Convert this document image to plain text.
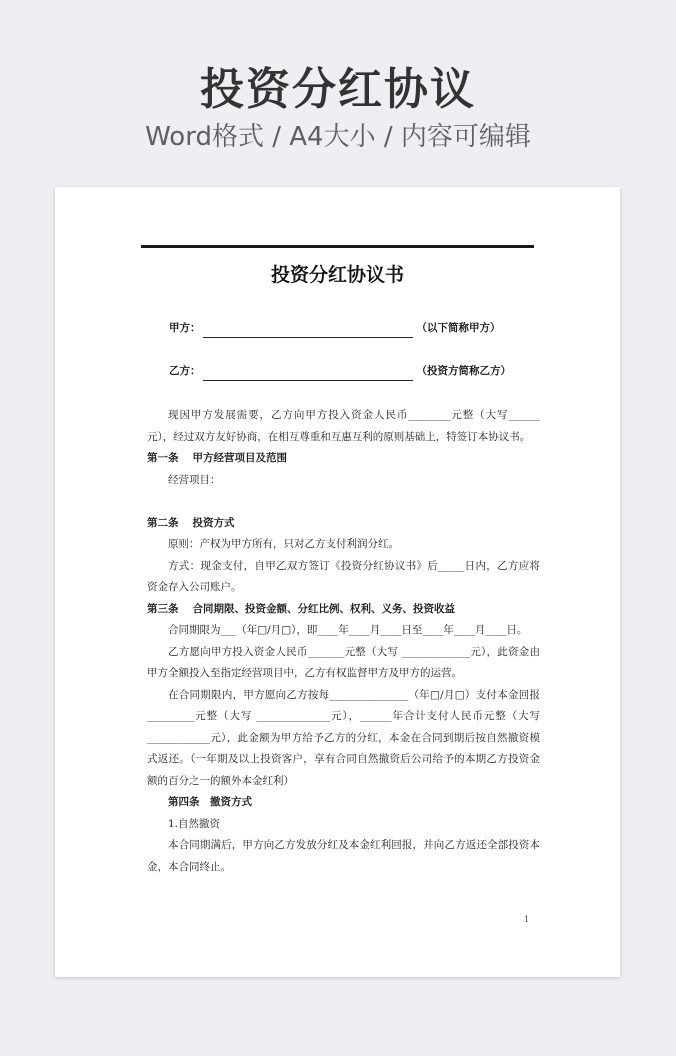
投资分红协议
Word格式 / A4大小 / 内容可编辑
投资分红协议书
甲方：	（以下简称甲方）
乙方：	（投资方简称乙方）

现因甲方发展需要，乙方向甲方投入资金人民币________元整（大写______元），经过双方友好协商，在相互尊重和互惠互利的原则基础上，特签订本协议书。

第一条 甲方经营项目及范围

经营项目：

第二条 投资方式

原则：产权为甲方所有，只对乙方支付利润分红。

方式：现金支付，自甲乙双方签订《投资分红协议书》后_____日内，乙方应将资金存入公司账户。

第三条 合同期限、投资金额、分红比例、权利、义务、投资收益

合同期限为___（年□/月□），即____年____月____日至____年____月____日。

乙方愿向甲方投入资金人民币_______元整（大写 _____________元），此资金由甲方全额投入至指定经营项目中，乙方有权监督甲方及甲方的运营。

在合同期限内，甲方愿向乙方按每_______________（年□/月□）支付本金回报_________元整（大写 ______________元），______年合计支付人民币元整（大写____________元），此金额为甲方给予乙方的分红，本金在合同到期后按自然撤资模式返还。（一年期及以上投资客户，享有合同自然撤资后公司给予的本期乙方投资金额的百分之一的额外本金红利）

第四条　撤资方式

1.自然撤资

本合同期满后，甲方向乙方发放分红及本金红利回报，并向乙方返还全部投资本金，本合同终止。

1
